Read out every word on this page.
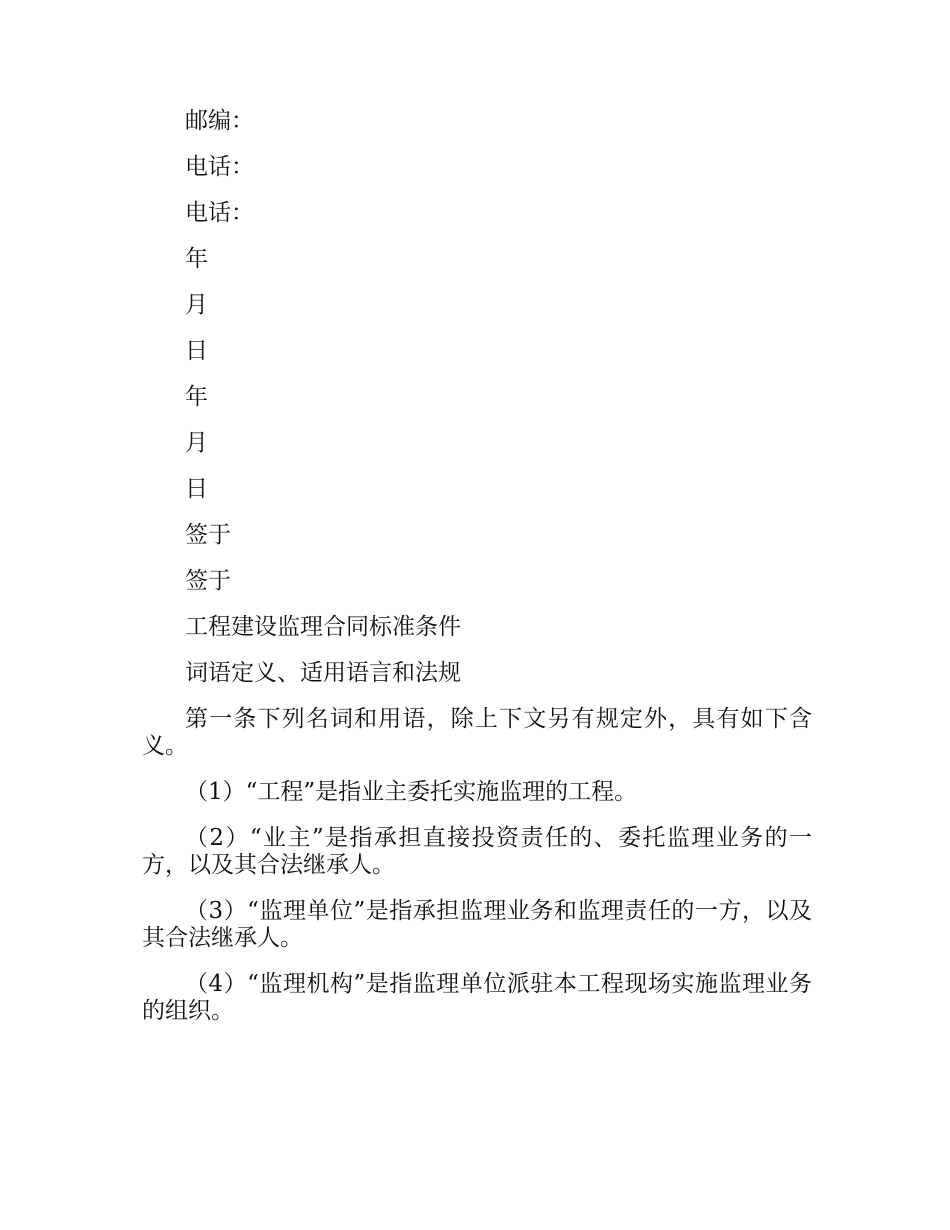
邮编：
电话：
电话：
年
月
日
年
月
日
签于
签于
工程建设监理合同标准条件
词语定义、适用语言和法规
第一条下列名词和用语，除上下文另有规定外，具有如下含义。
（1）“工程”是指业主委托实施监理的工程。
（2）“业主”是指承担直接投资责任的、委托监理业务的一方，以及其合法继承人。
（3）“监理单位”是指承担监理业务和监理责任的一方，以及其合法继承人。
（4）“监理机构”是指监理单位派驻本工程现场实施监理业务的组织。
